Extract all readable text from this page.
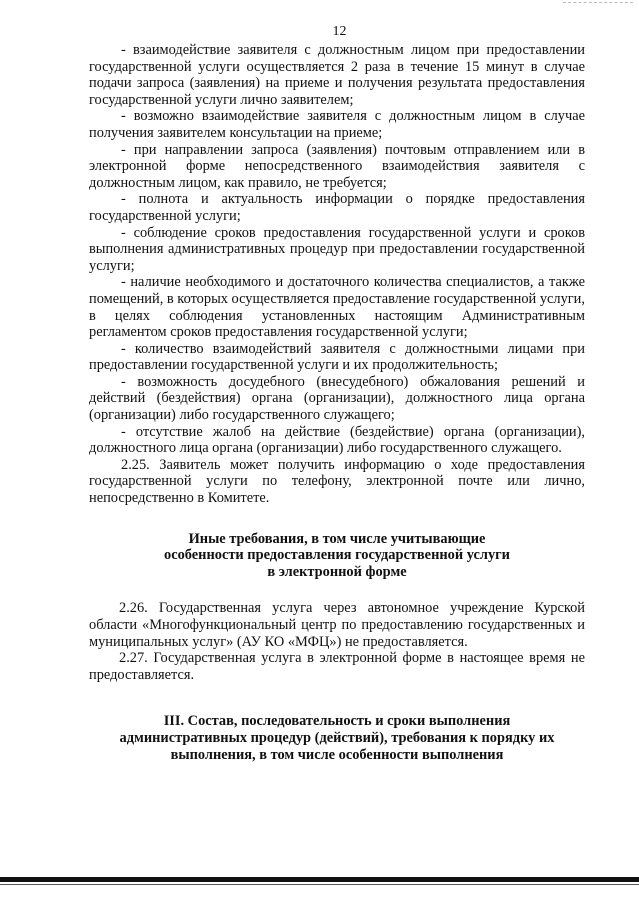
12

- взаимодействие заявителя с должностным лицом при предоставлении государственной услуги осуществляется 2 раза в течение 15 минут в случае подачи запроса (заявления) на приеме и получения результата предоставления государственной услуги лично заявителем;

- возможно взаимодействие заявителя с должностным лицом в случае получения заявителем консультации на приеме;

- при направлении запроса (заявления) почтовым отправлением или в электронной форме непосредственного взаимодействия заявителя с должностным лицом, как правило, не требуется;

- полнота и актуальность информации о порядке предоставления государственной услуги;

- соблюдение сроков предоставления государственной услуги и сроков выполнения административных процедур при предоставлении государственной услуги;

- наличие необходимого и достаточного количества специалистов, а также помещений, в которых осуществляется предоставление государственной услуги, в целях соблюдения установленных настоящим Административным регламентом сроков предоставления государственной услуги;

- количество взаимодействий заявителя с должностными лицами при предоставлении государственной услуги и их продолжительность;

- возможность досудебного (внесудебного) обжалования решений и действий (бездействия) органа (организации), должностного лица органа (организации) либо государственного служащего;

- отсутствие жалоб на действие (бездействие) органа (организации), должностного лица органа (организации) либо государственного служащего.

2.25. Заявитель может получить информацию о ходе предоставления государственной услуги по телефону, электронной почте или лично, непосредственно в Комитете.

Иные требования, в том числе учитывающие
особенности предоставления государственной услуги
в электронной форме

2.26. Государственная услуга через автономное учреждение Курской области «Многофункциональный центр по предоставлению государственных и муниципальных услуг» (АУ КО «МФЦ») не предоставляется.

2.27. Государственная услуга в электронной форме в настоящее время не предоставляется.

III. Состав, последовательность и сроки выполнения
административных процедур (действий), требования к порядку их
выполнения, в том числе особенности выполнения
